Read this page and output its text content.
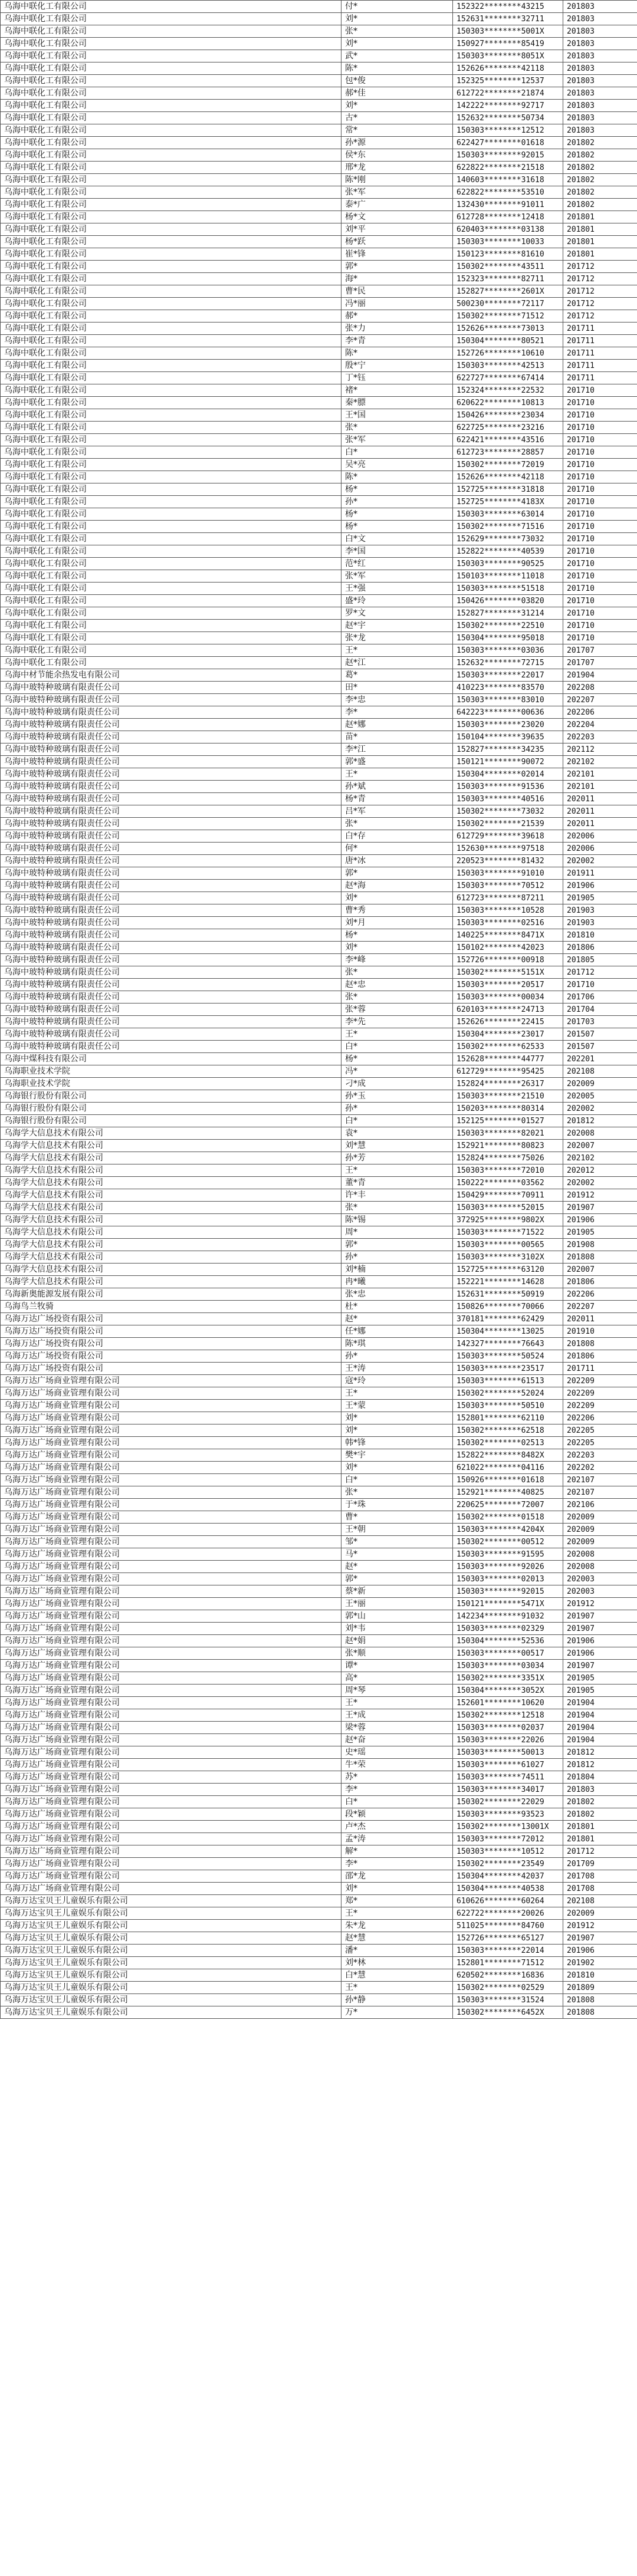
乌海中联化工有限公司	付*	152322********43215	201803
乌海中联化工有限公司	刘*	152631********32711	201803
乌海中联化工有限公司	张*	150303********5001X	201803
乌海中联化工有限公司	刘*	150927********85419	201803
乌海中联化工有限公司	武*	150303********8051X	201803
乌海中联化工有限公司	陈*	152626********42118	201803
乌海中联化工有限公司	包*俊	152325********12537	201803
乌海中联化工有限公司	郝*佳	612722********21874	201803
乌海中联化工有限公司	刘*	142222********92717	201803
乌海中联化工有限公司	古*	152632********50734	201803
乌海中联化工有限公司	常*	150303********12512	201803
乌海中联化工有限公司	孙*源	622427********01618	201802
乌海中联化工有限公司	侯*东	150303********92015	201802
乌海中联化工有限公司	邢*龙	622822********21518	201802
乌海中联化工有限公司	陈*刚	140603********31618	201802
乌海中联化工有限公司	张*军	622822********53510	201802
乌海中联化工有限公司	泰*广	132430********91011	201802
乌海中联化工有限公司	杨*文	612728********12418	201801
乌海中联化工有限公司	刘*平	620403********03138	201801
乌海中联化工有限公司	杨*跃	150303********10033	201801
乌海中联化工有限公司	崔*锋	150123********81610	201801
乌海中联化工有限公司	郭*	150302********43511	201712
乌海中联化工有限公司	海*	152323********82711	201712
乌海中联化工有限公司	曹*民	152827********2601X	201712
乌海中联化工有限公司	冯*丽	500230********72117	201712
乌海中联化工有限公司	郝*	150302********71512	201712
乌海中联化工有限公司	张*力	152626********73013	201711
乌海中联化工有限公司	李*青	150304********80521	201711
乌海中联化工有限公司	陈*	152726********10610	201711
乌海中联化工有限公司	殷*宁	150303********42513	201711
乌海中联化工有限公司	丁*钰	622727********67414	201711
乌海中联化工有限公司	褚*	152324********22532	201710
乌海中联化工有限公司	秦*膘	620622********10813	201710
乌海中联化工有限公司	王*国	150426********23034	201710
乌海中联化工有限公司	张*	622725********23216	201710
乌海中联化工有限公司	张*军	622421********43516	201710
乌海中联化工有限公司	白*	612723********28857	201710
乌海中联化工有限公司	吴*亮	150302********72019	201710
乌海中联化工有限公司	陈*	152626********42118	201710
乌海中联化工有限公司	杨*	152725********31818	201710
乌海中联化工有限公司	孙*	152725********4183X	201710
乌海中联化工有限公司	杨*	150303********63014	201710
乌海中联化工有限公司	杨*	150302********71516	201710
乌海中联化工有限公司	白*文	152629********73032	201710
乌海中联化工有限公司	李*国	152822********40539	201710
乌海中联化工有限公司	范*红	150303********90525	201710
乌海中联化工有限公司	张*军	150103********11018	201710
乌海中联化工有限公司	王*强	150303********51518	201710
乌海中联化工有限公司	盛*玲	150426********03820	201710
乌海中联化工有限公司	罗*文	152827********31214	201710
乌海中联化工有限公司	赵*宇	150302********22510	201710
乌海中联化工有限公司	张*龙	150304********95018	201710
乌海中联化工有限公司	王*	150303********03036	201707
乌海中联化工有限公司	赵*江	152632********72715	201707
乌海中材节能余热发电有限公司	葛*	150303********22017	201904
乌海中玻特种玻璃有限责任公司	田*	410223********83570	202208
乌海中玻特种玻璃有限责任公司	李*忠	150303********83010	202207
乌海中玻特种玻璃有限责任公司	李*	642223********00636	202206
乌海中玻特种玻璃有限责任公司	赵*娜	150303********23020	202204
乌海中玻特种玻璃有限责任公司	苗*	150104********39635	202203
乌海中玻特种玻璃有限责任公司	李*江	152827********34235	202112
乌海中玻特种玻璃有限责任公司	郭*盛	150121********90072	202102
乌海中玻特种玻璃有限责任公司	王*	150304********02014	202101
乌海中玻特种玻璃有限责任公司	孙*斌	150303********91536	202101
乌海中玻特种玻璃有限责任公司	杨*青	150303********40516	202011
乌海中玻特种玻璃有限责任公司	吕*军	150302********73032	202011
乌海中玻特种玻璃有限责任公司	张*	150302********21539	202011
乌海中玻特种玻璃有限责任公司	白*存	612729********39618	202006
乌海中玻特种玻璃有限责任公司	何*	152630********97518	202006
乌海中玻特种玻璃有限责任公司	唐*冰	220523********81432	202002
乌海中玻特种玻璃有限责任公司	郭*	150303********91010	201911
乌海中玻特种玻璃有限责任公司	赵*海	150303********70512	201906
乌海中玻特种玻璃有限责任公司	刘*	612723********87211	201905
乌海中玻特种玻璃有限责任公司	曹*秀	150303********10528	201903
乌海中玻特种玻璃有限责任公司	刘*月	150303********02516	201903
乌海中玻特种玻璃有限责任公司	杨*	140225********8471X	201810
乌海中玻特种玻璃有限责任公司	刘*	150102********42023	201806
乌海中玻特种玻璃有限责任公司	李*峰	152726********00918	201805
乌海中玻特种玻璃有限责任公司	张*	150302********5151X	201712
乌海中玻特种玻璃有限责任公司	赵*忠	150303********20517	201710
乌海中玻特种玻璃有限责任公司	张*	150303********00034	201706
乌海中玻特种玻璃有限责任公司	张*蓉	620103********24713	201704
乌海中玻特种玻璃有限责任公司	李*先	152626********22415	201703
乌海中玻特种玻璃有限责任公司	王*	150304********23017	201507
乌海中玻特种玻璃有限责任公司	白*	150302********62533	201507
乌海中煤科技有限公司	杨*	152628********44777	202201
乌海职业技术学院	冯*	612729********95425	202108
乌海职业技术学院	刁*成	152824********26317	202009
乌海银行股份有限公司	孙*玉	150303********21510	202005
乌海银行股份有限公司	孙*	150203********80314	202002
乌海银行股份有限公司	白*	152125********01527	201812
乌海学大信息技术有限公司	袁*	150303********82021	202008
乌海学大信息技术有限公司	刘*慧	152921********80823	202007
乌海学大信息技术有限公司	孙*芳	152824********75026	202102
乌海学大信息技术有限公司	王*	150303********72010	202012
乌海学大信息技术有限公司	董*青	150222********03562	202002
乌海学大信息技术有限公司	许*丰	150429********70911	201912
乌海学大信息技术有限公司	张*	150303********52015	201907
乌海学大信息技术有限公司	陈*锡	372925********9802X	201906
乌海学大信息技术有限公司	周*	150303********71522	201905
乌海学大信息技术有限公司	郭*	150303********00565	201908
乌海学大信息技术有限公司	孙*	150303********3102X	201808
乌海学大信息技术有限公司	刘*楠	152725********63120	202007
乌海学大信息技术有限公司	冉*曦	152221********14628	201806
乌海新奥能源发展有限公司	张*忠	152631********50919	202206
乌海鸟兰牧骑	杜*	150826********70066	202207
乌海万达广场投资有限公司	赵*	370181********62429	202011
乌海万达广场投资有限公司	任*娜	150304********13025	201910
乌海万达广场投资有限公司	陈*琪	142327********76643	201808
乌海万达广场投资有限公司	孙*	150303********50524	201806
乌海万达广场投资有限公司	王*涛	150303********23517	201711
乌海万达广场商业管理有限公司	寇*玲	150303********61513	202209
乌海万达广场商业管理有限公司	王*	150302********52024	202209
乌海万达广场商业管理有限公司	王*蒙	150303********50510	202209
乌海万达广场商业管理有限公司	刘*	152801********62110	202206
乌海万达广场商业管理有限公司	刘*	150302********62518	202205
乌海万达广场商业管理有限公司	韩*锋	150302********02513	202205
乌海万达广场商业管理有限公司	樊*宇	152822********8482X	202203
乌海万达广场商业管理有限公司	刘*	621022********04116	202202
乌海万达广场商业管理有限公司	白*	150926********01618	202107
乌海万达广场商业管理有限公司	张*	152921********40825	202107
乌海万达广场商业管理有限公司	于*珠	220625********72007	202106
乌海万达广场商业管理有限公司	曹*	150302********01518	202009
乌海万达广场商业管理有限公司	王*朝	150303********4204X	202009
乌海万达广场商业管理有限公司	邹*	150302********00512	202009
乌海万达广场商业管理有限公司	马*	150303********91595	202008
乌海万达广场商业管理有限公司	赵*	150303********92026	202008
乌海万达广场商业管理有限公司	郭*	150303********02013	202003
乌海万达广场商业管理有限公司	蔡*新	150303********92015	202003
乌海万达广场商业管理有限公司	王*丽	150121********5471X	201912
乌海万达广场商业管理有限公司	郭*山	142234********91032	201907
乌海万达广场商业管理有限公司	刘*韦	150303********02329	201907
乌海万达广场商业管理有限公司	赵*娟	150304********52536	201906
乌海万达广场商业管理有限公司	张*顺	150303********00517	201906
乌海万达广场商业管理有限公司	谭*	150303********03034	201907
乌海万达广场商业管理有限公司	高*	150302********3351X	201905
乌海万达广场商业管理有限公司	周*琴	150304********3052X	201905
乌海万达广场商业管理有限公司	王*	152601********10620	201904
乌海万达广场商业管理有限公司	王*成	150302********12518	201904
乌海万达广场商业管理有限公司	梁*蓉	150303********02037	201904
乌海万达广场商业管理有限公司	赵*奋	150303********22026	201904
乌海万达广场商业管理有限公司	史*瑶	150303********50013	201812
乌海万达广场商业管理有限公司	牛*荣	150303********61027	201812
乌海万达广场商业管理有限公司	苏*	150303********74511	201804
乌海万达广场商业管理有限公司	李*	150303********34017	201803
乌海万达广场商业管理有限公司	白*	150302********22029	201802
乌海万达广场商业管理有限公司	段*颖	150303********93523	201802
乌海万达广场商业管理有限公司	卢*杰	150302********13001X	201801
乌海万达广场商业管理有限公司	孟*涛	150303********72012	201801
乌海万达广场商业管理有限公司	解*	150303********10512	201712
乌海万达广场商业管理有限公司	李*	150302********23549	201709
乌海万达广场商业管理有限公司	邵*龙	150304********42037	201708
乌海万达广场商业管理有限公司	刘*	150304********40538	201708
乌海万达宝贝王儿童娱乐有限公司	郑*	610626********60264	202108
乌海万达宝贝王儿童娱乐有限公司	王*	622722********20026	202009
乌海万达宝贝王儿童娱乐有限公司	朱*龙	511025********84760	201912
乌海万达宝贝王儿童娱乐有限公司	赵*慧	152726********65127	201907
乌海万达宝贝王儿童娱乐有限公司	潘*	150303********22014	201906
乌海万达宝贝王儿童娱乐有限公司	刘*林	152801********71512	201902
乌海万达宝贝王儿童娱乐有限公司	白*慧	620502********16836	201810
乌海万达宝贝王儿童娱乐有限公司	王*	150302********02529	201809
乌海万达宝贝王儿童娱乐有限公司	孙*静	150303********31524	201808
乌海万达宝贝王儿童娱乐有限公司	万*	150302********6452X	201808
